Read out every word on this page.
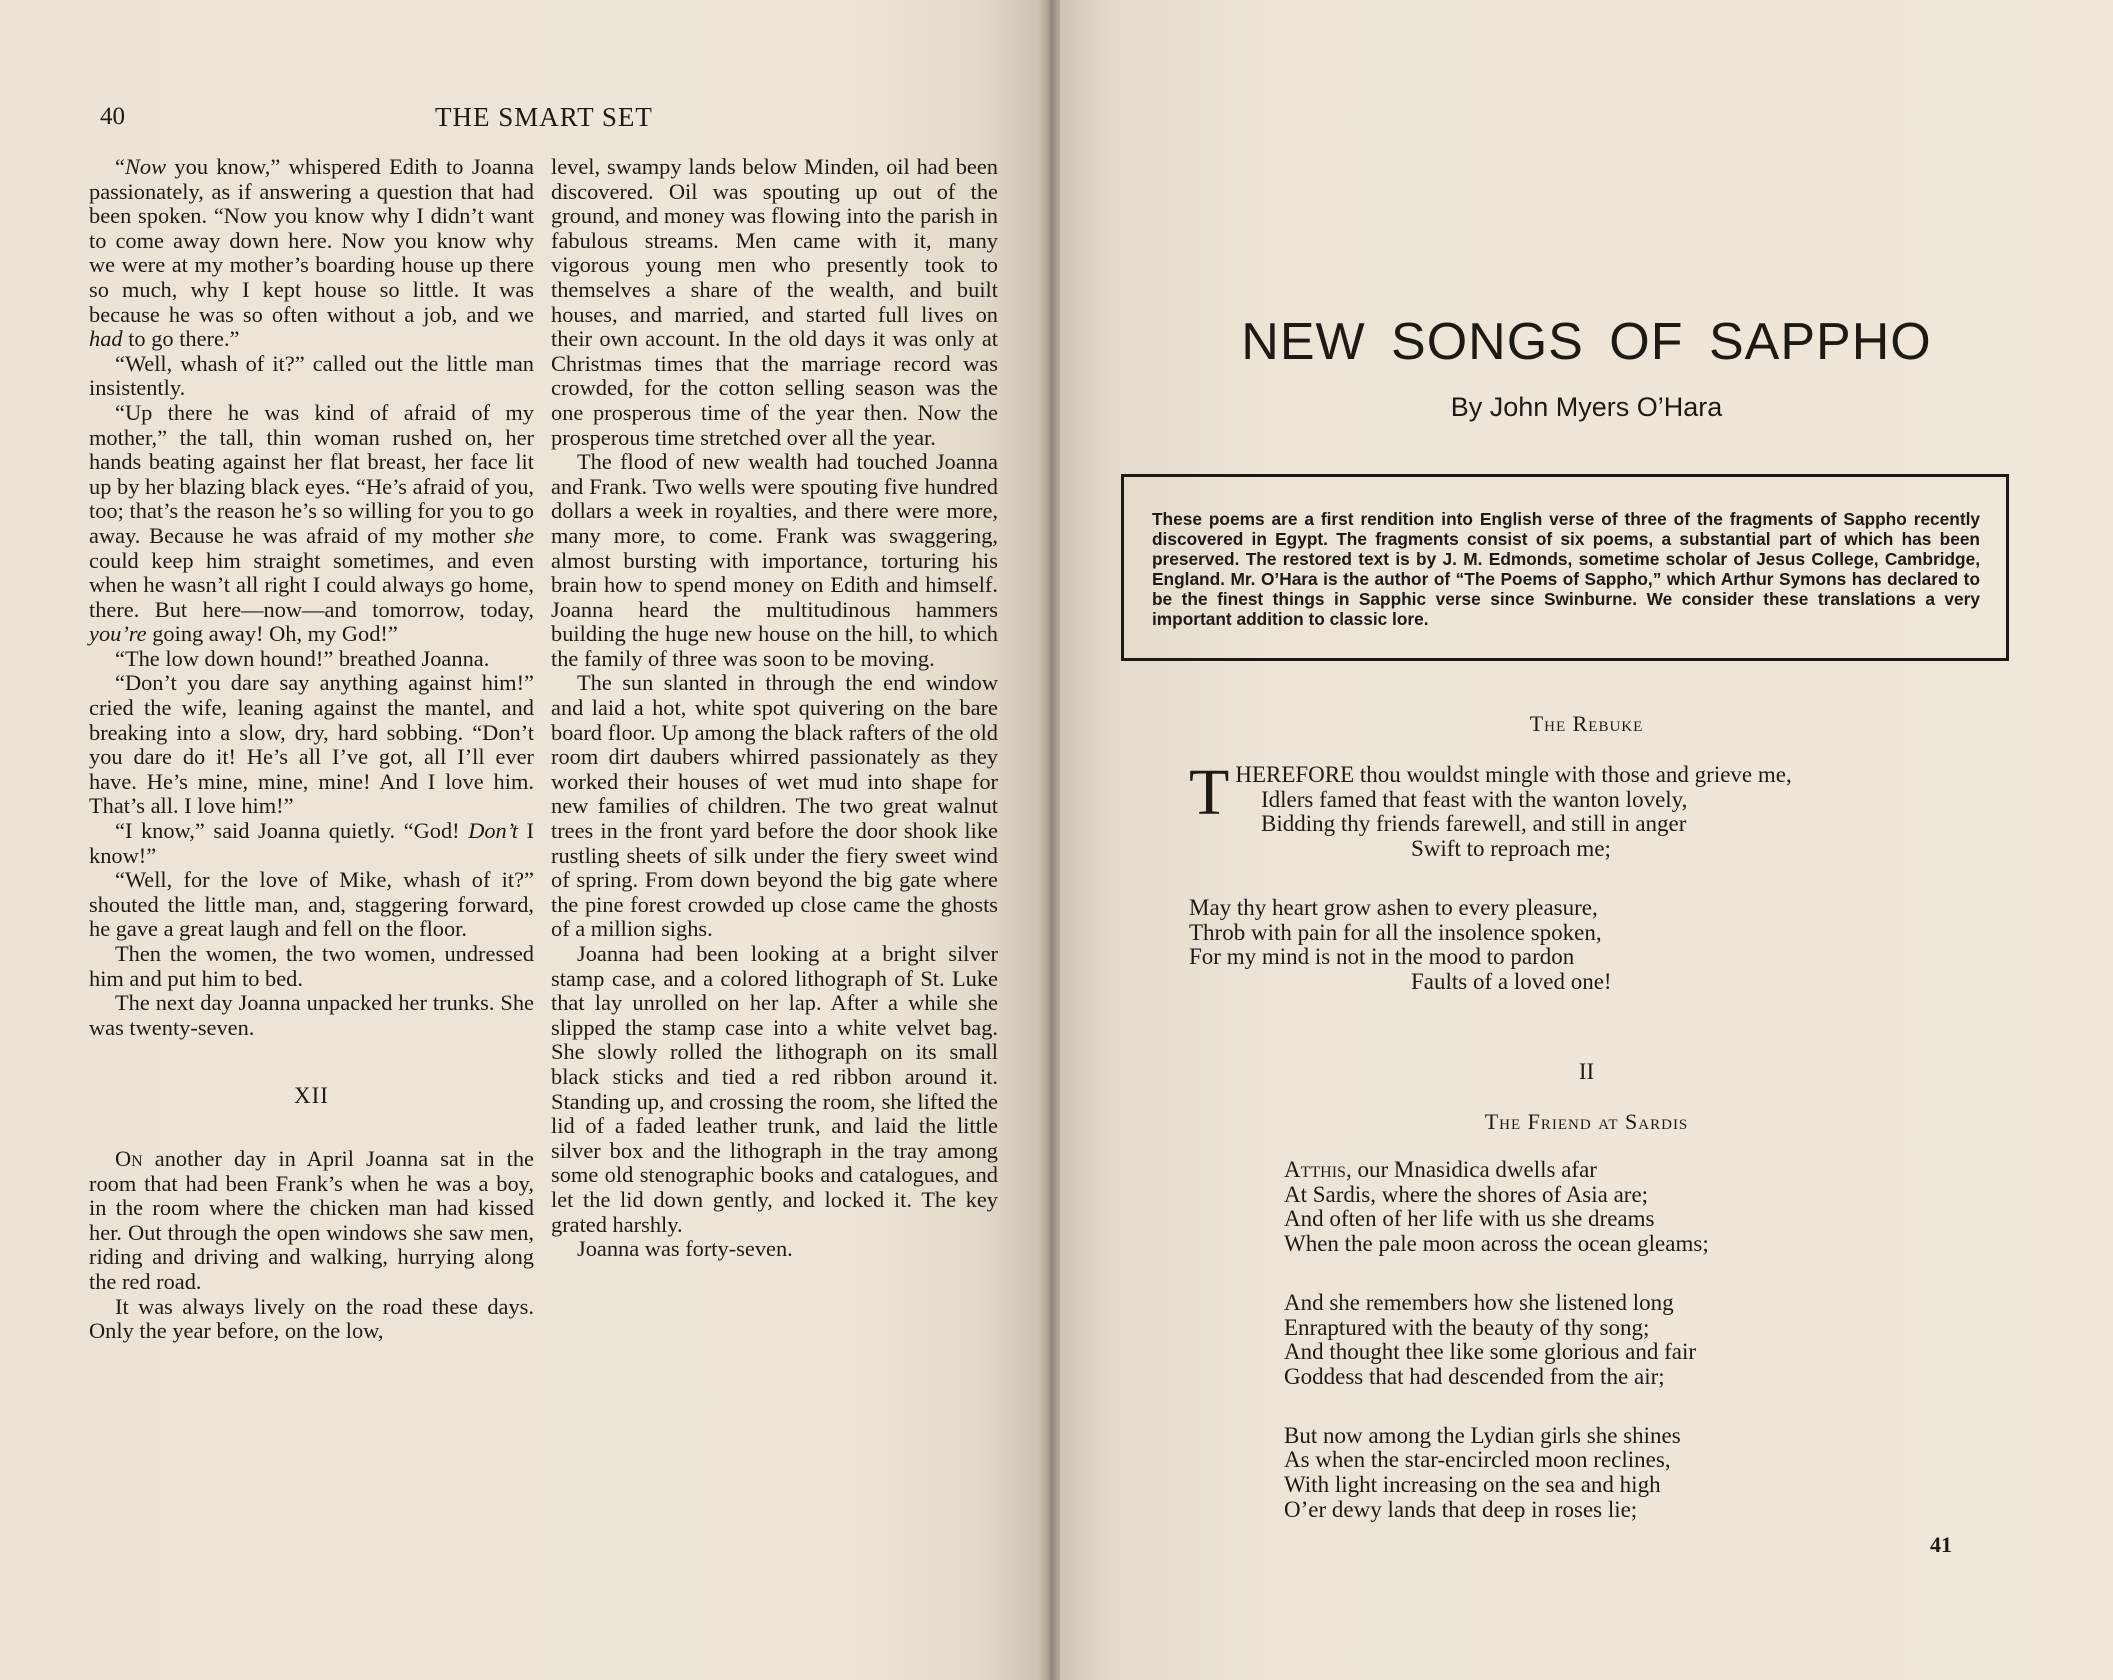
40	THE SMART SET

“Now you know,” whispered Edith to Joanna passionately, as if answering a question that had been spoken. “Now you know why I didn’t want to come away down here. Now you know why we were at my mother’s boarding house up there so much, why I kept house so little. It was because he was so often without a job, and we had to go there.”

“Well, whash of it?” called out the little man insistently.

“Up there he was kind of afraid of my mother,” the tall, thin woman rushed on, her hands beating against her flat breast, her face lit up by her blazing black eyes. “He’s afraid of you, too; that’s the reason he’s so willing for you to go away. Because he was afraid of my mother she could keep him straight sometimes, and even when he wasn’t all right I could always go home, there. But here—now—and tomorrow, today, you’re going away! Oh, my God!”

“The low down hound!” breathed Joanna.

“Don’t you dare say anything against him!” cried the wife, leaning against the mantel, and breaking into a slow, dry, hard sobbing. “Don’t you dare do it! He’s all I’ve got, all I’ll ever have. He’s mine, mine, mine! And I love him. That’s all. I love him!”

“I know,” said Joanna quietly. “God! Don’t I know!”

“Well, for the love of Mike, whash of it?” shouted the little man, and, staggering forward, he gave a great laugh and fell on the floor.

Then the women, the two women, undressed him and put him to bed.

The next day Joanna unpacked her trunks. She was twenty-seven.

XII

On another day in April Joanna sat in the room that had been Frank’s when he was a boy, in the room where the chicken man had kissed her. Out through the open windows she saw men, riding and driving and walking, hurrying along the red road.

It was always lively on the road these days. Only the year before, on the low,

level, swampy lands below Minden, oil had been discovered. Oil was spouting up out of the ground, and money was flowing into the parish in fabulous streams. Men came with it, many vigorous young men who presently took to themselves a share of the wealth, and built houses, and married, and started full lives on their own account. In the old days it was only at Christmas times that the marriage record was crowded, for the cotton selling season was the one prosperous time of the year then. Now the prosperous time stretched over all the year.

The flood of new wealth had touched Joanna and Frank. Two wells were spouting five hundred dollars a week in royalties, and there were more, many more, to come. Frank was swaggering, almost bursting with importance, torturing his brain how to spend money on Edith and himself. Joanna heard the multitudinous hammers building the huge new house on the hill, to which the family of three was soon to be moving.

The sun slanted in through the end window and laid a hot, white spot quivering on the bare board floor. Up among the black rafters of the old room dirt daubers whirred passionately as they worked their houses of wet mud into shape for new families of children. The two great walnut trees in the front yard before the door shook like rustling sheets of silk under the fiery sweet wind of spring. From down beyond the big gate where the pine forest crowded up close came the ghosts of a million sighs.

Joanna had been looking at a bright silver stamp case, and a colored lithograph of St. Luke that lay unrolled on her lap. After a while she slipped the stamp case into a white velvet bag. She slowly rolled the lithograph on its small black sticks and tied a red ribbon around it. Standing up, and crossing the room, she lifted the lid of a faded leather trunk, and laid the little silver box and the lithograph in the tray among some old stenographic books and catalogues, and let the lid down gently, and locked it. The key grated harshly.

Joanna was forty-seven.

NEW SONGS OF SAPPHO

By John Myers O’Hara

These poems are a first rendition into English verse of three of the fragments of Sappho recently discovered in Egypt. The fragments consist of six poems, a substantial part of which has been preserved. The restored text is by J. M. Edmonds, sometime scholar of Jesus College, Cambridge, England. Mr. O’Hara is the author of “The Poems of Sappho,” which Arthur Symons has declared to be the finest things in Sapphic verse since Swinburne. We consider these translations a very important addition to classic lore.

The Rebuke

T HEREFORE thou wouldst mingle with those and grieve me,
Idlers famed that feast with the wanton lovely,
Bidding thy friends farewell, and still in anger
Swift to reproach me;
May thy heart grow ashen to every pleasure,
Throb with pain for all the insolence spoken,
For my mind is not in the mood to pardon
Faults of a loved one!
II

The Friend at Sardis

Atthis, our Mnasidica dwells afar
At Sardis, where the shores of Asia are;
And often of her life with us she dreams
When the pale moon across the ocean gleams;
And she remembers how she listened long
Enraptured with the beauty of thy song;
And thought thee like some glorious and fair
Goddess that had descended from the air;
But now among the Lydian girls she shines
As when the star-encircled moon reclines,
With light increasing on the sea and high
O’er dewy lands that deep in roses lie;
41
